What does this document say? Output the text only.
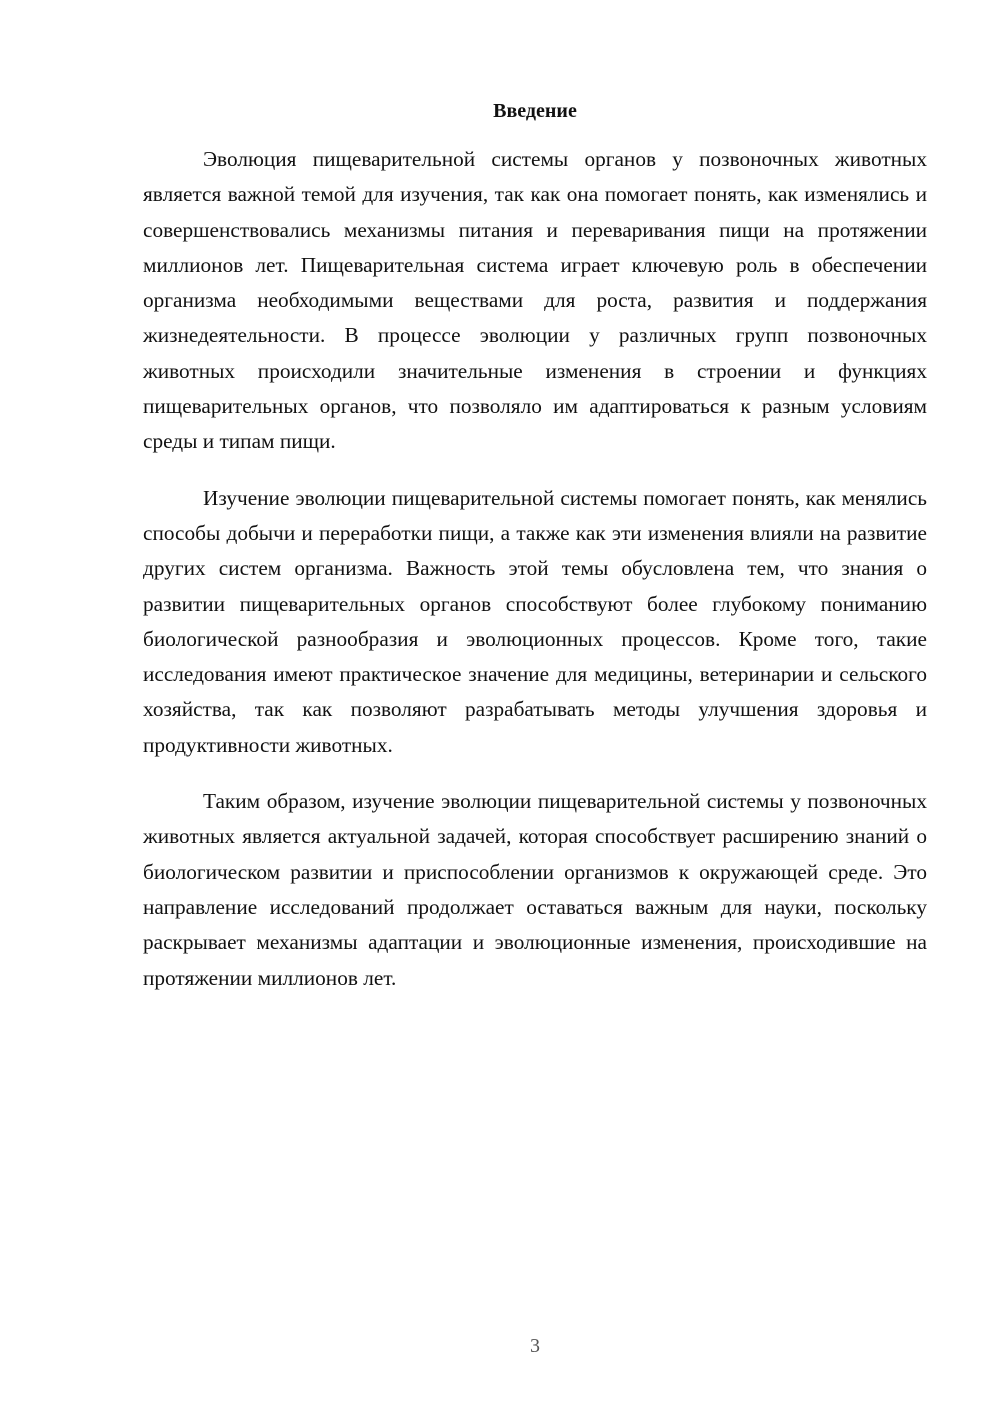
Введение

Эволюция пищеварительной системы органов у позвоночных животных является важной темой для изучения, так как она помогает понять, как изменялись и совершенствовались механизмы питания и переваривания пищи на протяжении миллионов лет. Пищеварительная система играет ключевую роль в обеспечении организма необходимыми веществами для роста, развития и поддержания жизнедеятельности. В процессе эволюции у различных групп позвоночных животных происходили значительные изменения в строении и функциях пищеварительных органов, что позволяло им адаптироваться к разным условиям среды и типам пищи.

Изучение эволюции пищеварительной системы помогает понять, как менялись способы добычи и переработки пищи, а также как эти изменения влияли на развитие других систем организма. Важность этой темы обусловлена тем, что знания о развитии пищеварительных органов способствуют более глубокому пониманию биологической разнообразия и эволюционных процессов. Кроме того, такие исследования имеют практическое значение для медицины, ветеринарии и сельского хозяйства, так как позволяют разрабатывать методы улучшения здоровья и продуктивности животных.

Таким образом, изучение эволюции пищеварительной системы у позвоночных животных является актуальной задачей, которая способствует расширению знаний о биологическом развитии и приспособлении организмов к окружающей среде. Это направление исследований продолжает оставаться важным для науки, поскольку раскрывает механизмы адаптации и эволюционные изменения, происходившие на протяжении миллионов лет.

3
